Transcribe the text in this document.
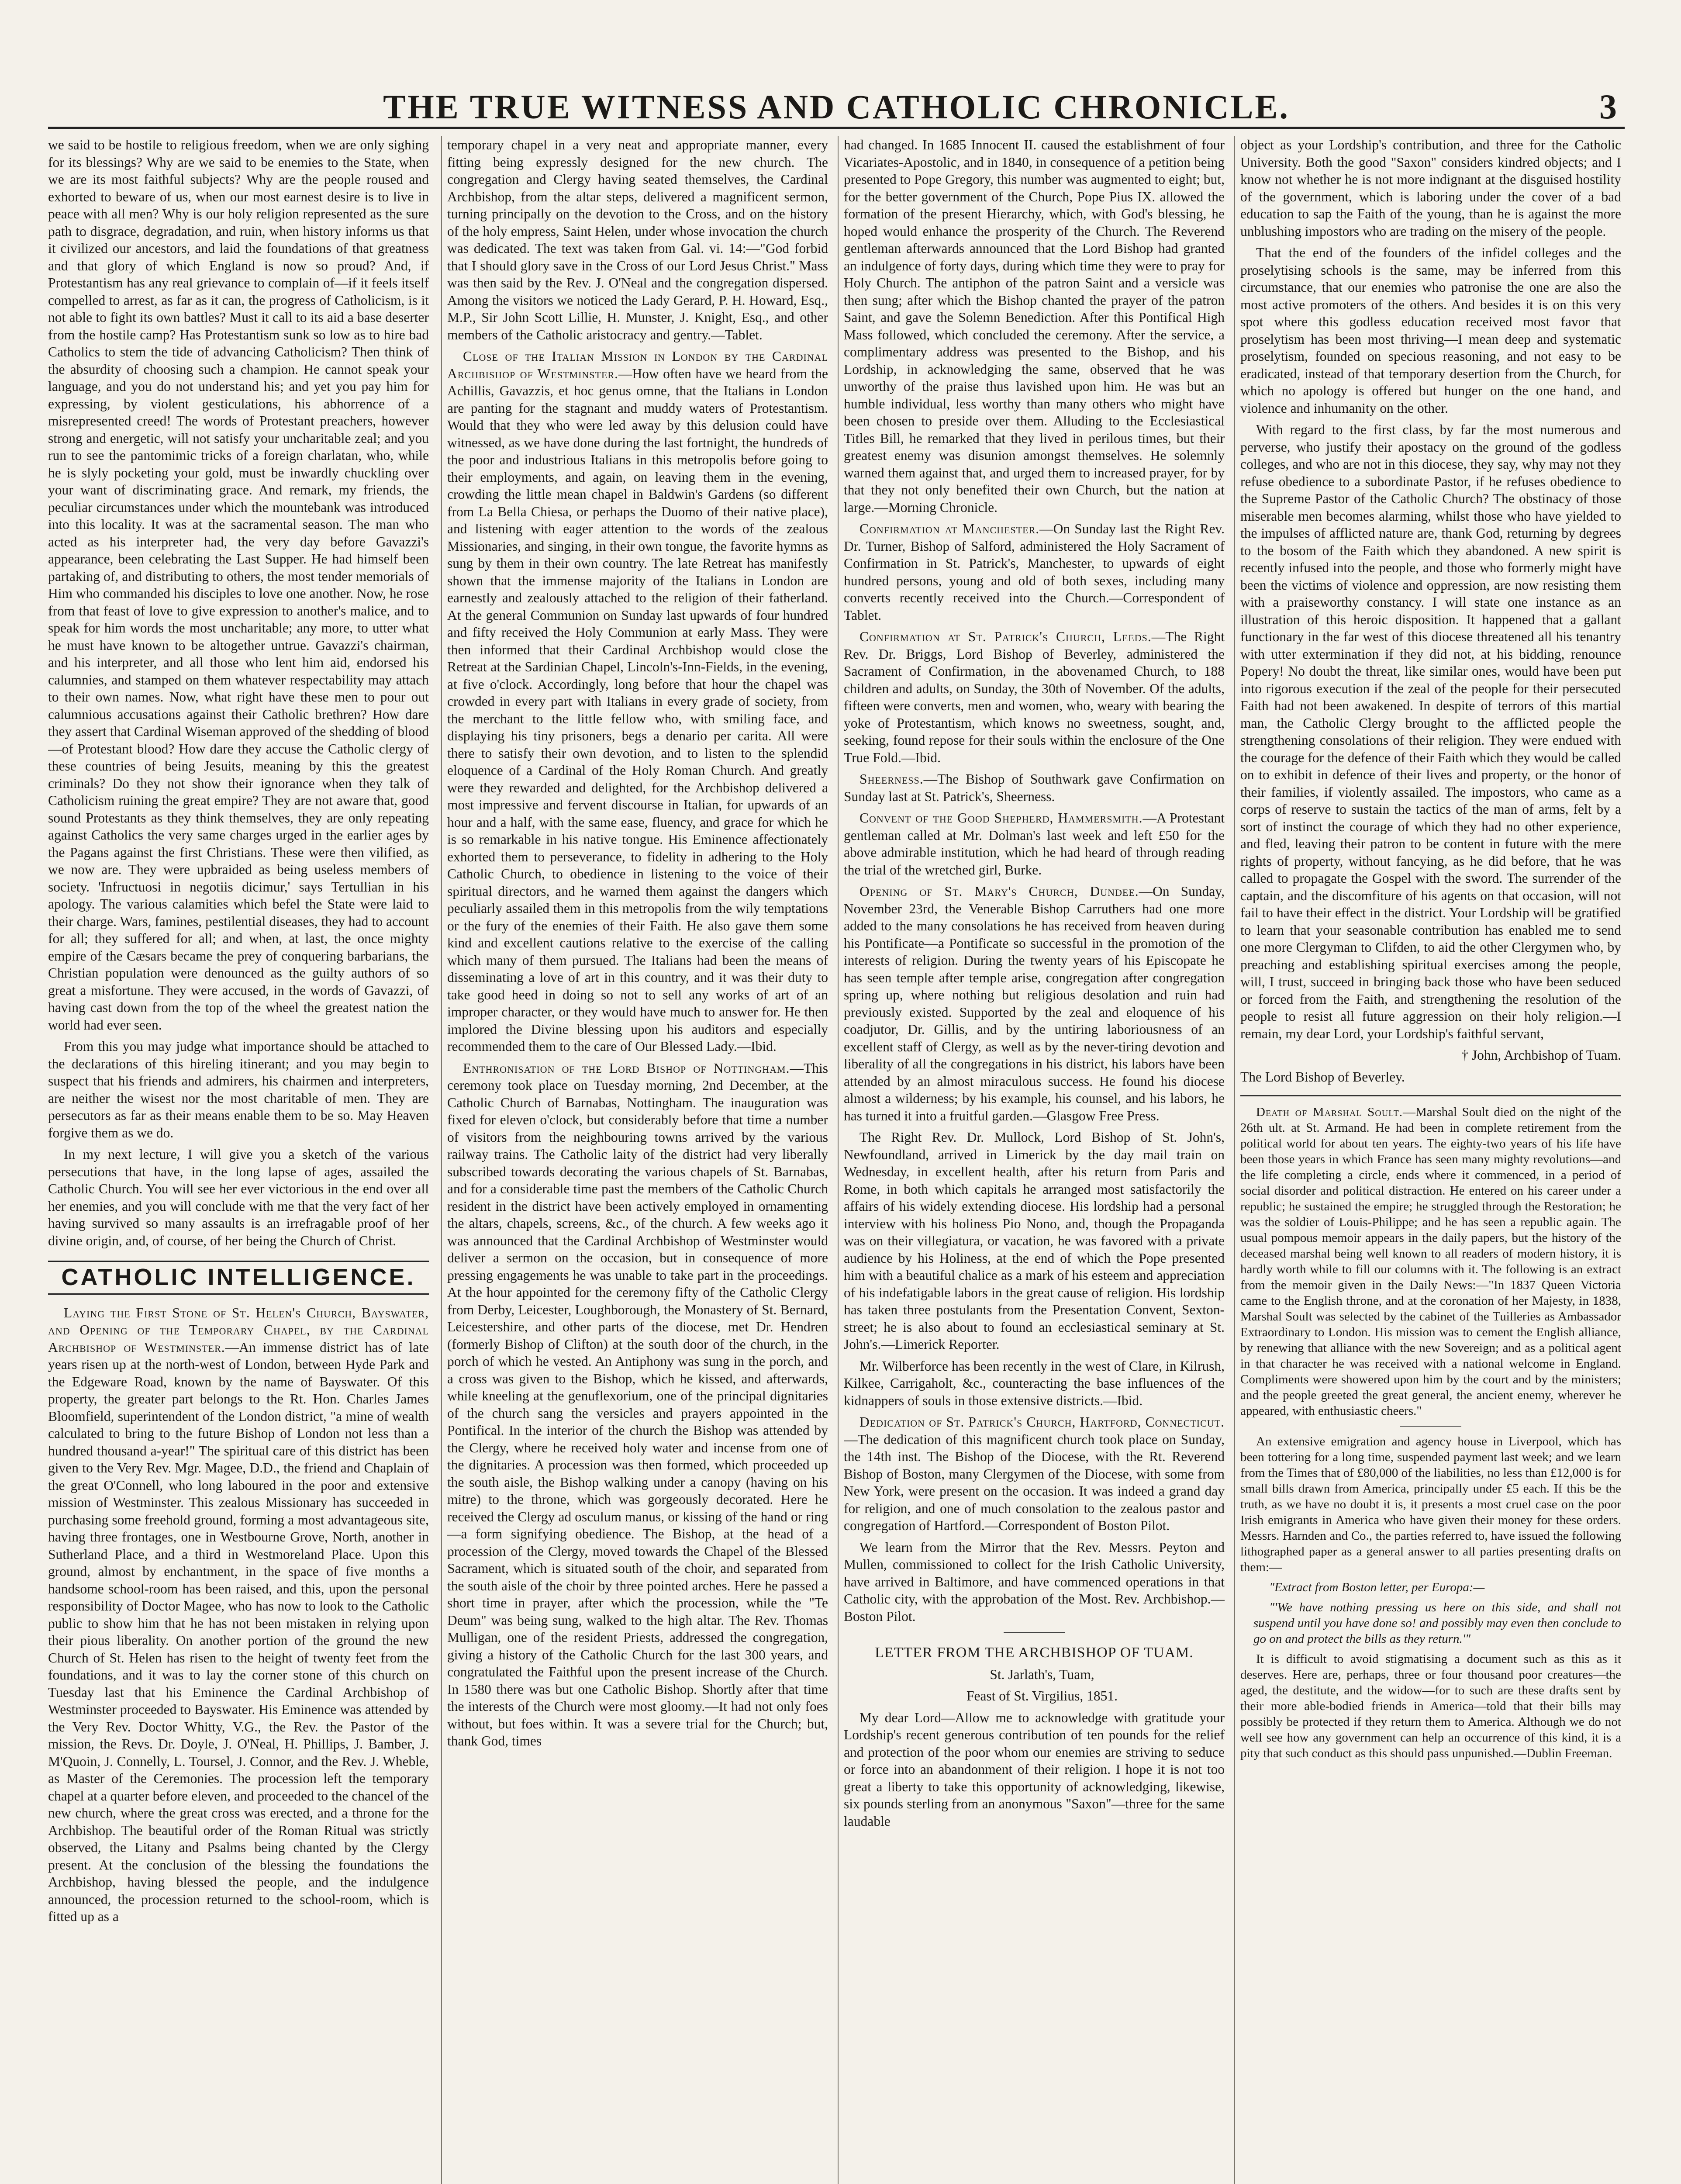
THE TRUE WITNESS AND CATHOLIC CHRONICLE.	3

we said to be hostile to religious freedom, when we are only sighing for its blessings? Why are we said to be enemies to the State, when we are its most faithful subjects? Why are the people roused and exhorted to beware of us, when our most earnest desire is to live in peace with all men? Why is our holy religion represented as the sure path to disgrace, degradation, and ruin, when history informs us that it civilized our ancestors, and laid the foundations of that greatness and that glory of which England is now so proud? And, if Protestantism has any real grievance to complain of—if it feels itself compelled to arrest, as far as it can, the progress of Catholicism, is it not able to fight its own battles? Must it call to its aid a base deserter from the hostile camp? Has Protestantism sunk so low as to hire bad Catholics to stem the tide of advancing Catholicism? Then think of the absurdity of choosing such a champion. He cannot speak your language, and you do not understand his; and yet you pay him for expressing, by violent gesticulations, his abhorrence of a misrepresented creed! The words of Protestant preachers, however strong and energetic, will not satisfy your uncharitable zeal; and you run to see the pantomimic tricks of a foreign charlatan, who, while he is slyly pocketing your gold, must be inwardly chuckling over your want of discriminating grace. And remark, my friends, the peculiar circumstances under which the mountebank was introduced into this locality. It was at the sacramental season. The man who acted as his interpreter had, the very day before Gavazzi's appearance, been celebrating the Last Supper. He had himself been partaking of, and distributing to others, the most tender memorials of Him who commanded his disciples to love one another. Now, he rose from that feast of love to give expression to another's malice, and to speak for him words the most uncharitable; any more, to utter what he must have known to be altogether untrue. Gavazzi's chairman, and his interpreter, and all those who lent him aid, endorsed his calumnies, and stamped on them whatever respectability may attach to their own names. Now, what right have these men to pour out calumnious accusations against their Catholic brethren? How dare they assert that Cardinal Wiseman approved of the shedding of blood—of Protestant blood? How dare they accuse the Catholic clergy of these countries of being Jesuits, meaning by this the greatest criminals? Do they not show their ignorance when they talk of Catholicism ruining the great empire? They are not aware that, good sound Protestants as they think themselves, they are only repeating against Catholics the very same charges urged in the earlier ages by the Pagans against the first Christians. These were then vilified, as we now are. They were upbraided as being useless members of society. 'Infructuosi in negotiis dicimur,' says Tertullian in his apology. The various calamities which befel the State were laid to their charge. Wars, famines, pestilential diseases, they had to account for all; they suffered for all; and when, at last, the once mighty empire of the Cæsars became the prey of conquering barbarians, the Christian population were denounced as the guilty authors of so great a misfortune. They were accused, in the words of Gavazzi, of having cast down from the top of the wheel the greatest nation the world had ever seen.

From this you may judge what importance should be attached to the declarations of this hireling itinerant; and you may begin to suspect that his friends and admirers, his chairmen and interpreters, are neither the wisest nor the most charitable of men. They are persecutors as far as their means enable them to be so. May Heaven forgive them as we do.

In my next lecture, I will give you a sketch of the various persecutions that have, in the long lapse of ages, assailed the Catholic Church. You will see her ever victorious in the end over all her enemies, and you will conclude with me that the very fact of her having survived so many assaults is an irrefragable proof of her divine origin, and, of course, of her being the Church of Christ.

CATHOLIC INTELLIGENCE.

Laying the First Stone of St. Helen's Church, Bayswater, and Opening of the Temporary Chapel, by the Cardinal Archbishop of Westminster.—An immense district has of late years risen up at the north-west of London, between Hyde Park and the Edgeware Road, known by the name of Bayswater. Of this property, the greater part belongs to the Rt. Hon. Charles James Bloomfield, superintendent of the London district, "a mine of wealth calculated to bring to the future Bishop of London not less than a hundred thousand a-year!" The spiritual care of this district has been given to the Very Rev. Mgr. Magee, D.D., the friend and Chaplain of the great O'Connell, who long laboured in the poor and extensive mission of Westminster. This zealous Missionary has succeeded in purchasing some freehold ground, forming a most advantageous site, having three frontages, one in Westbourne Grove, North, another in Sutherland Place, and a third in Westmoreland Place. Upon this ground, almost by enchantment, in the space of five months a handsome school-room has been raised, and this, upon the personal responsibility of Doctor Magee, who has now to look to the Catholic public to show him that he has not been mistaken in relying upon their pious liberality. On another portion of the ground the new Church of St. Helen has risen to the height of twenty feet from the foundations, and it was to lay the corner stone of this church on Tuesday last that his Eminence the Cardinal Archbishop of Westminster proceeded to Bayswater. His Eminence was attended by the Very Rev. Doctor Whitty, V.G., the Rev. the Pastor of the mission, the Revs. Dr. Doyle, J. O'Neal, H. Phillips, J. Bamber, J. M'Quoin, J. Connelly, L. Toursel, J. Connor, and the Rev. J. Wheble, as Master of the Ceremonies. The procession left the temporary chapel at a quarter before eleven, and proceeded to the chancel of the new church, where the great cross was erected, and a throne for the Archbishop. The beautiful order of the Roman Ritual was strictly observed, the Litany and Psalms being chanted by the Clergy present. At the conclusion of the blessing the foundations the Archbishop, having blessed the people, and the indulgence announced, the procession returned to the school-room, which is fitted up as a

temporary chapel in a very neat and appropriate manner, every fitting being expressly designed for the new church. The congregation and Clergy having seated themselves, the Cardinal Archbishop, from the altar steps, delivered a magnificent sermon, turning principally on the devotion to the Cross, and on the history of the holy empress, Saint Helen, under whose invocation the church was dedicated. The text was taken from Gal. vi. 14:—"God forbid that I should glory save in the Cross of our Lord Jesus Christ." Mass was then said by the Rev. J. O'Neal and the congregation dispersed. Among the visitors we noticed the Lady Gerard, P. H. Howard, Esq., M.P., Sir John Scott Lillie, H. Munster, J. Knight, Esq., and other members of the Catholic aristocracy and gentry.—Tablet.

Close of the Italian Mission in London by the Cardinal Archbishop of Westminster.—How often have we heard from the Achillis, Gavazzis, et hoc genus omne, that the Italians in London are panting for the stagnant and muddy waters of Protestantism. Would that they who were led away by this delusion could have witnessed, as we have done during the last fortnight, the hundreds of the poor and industrious Italians in this metropolis before going to their employments, and again, on leaving them in the evening, crowding the little mean chapel in Baldwin's Gardens (so different from La Bella Chiesa, or perhaps the Duomo of their native place), and listening with eager attention to the words of the zealous Missionaries, and singing, in their own tongue, the favorite hymns as sung by them in their own country. The late Retreat has manifestly shown that the immense majority of the Italians in London are earnestly and zealously attached to the religion of their fatherland. At the general Communion on Sunday last upwards of four hundred and fifty received the Holy Communion at early Mass. They were then informed that their Cardinal Archbishop would close the Retreat at the Sardinian Chapel, Lincoln's-Inn-Fields, in the evening, at five o'clock. Accordingly, long before that hour the chapel was crowded in every part with Italians in every grade of society, from the merchant to the little fellow who, with smiling face, and displaying his tiny prisoners, begs a denario per carita. All were there to satisfy their own devotion, and to listen to the splendid eloquence of a Cardinal of the Holy Roman Church. And greatly were they rewarded and delighted, for the Archbishop delivered a most impressive and fervent discourse in Italian, for upwards of an hour and a half, with the same ease, fluency, and grace for which he is so remarkable in his native tongue. His Eminence affectionately exhorted them to perseverance, to fidelity in adhering to the Holy Catholic Church, to obedience in listening to the voice of their spiritual directors, and he warned them against the dangers which peculiarly assailed them in this metropolis from the wily temptations or the fury of the enemies of their Faith. He also gave them some kind and excellent cautions relative to the exercise of the calling which many of them pursued. The Italians had been the means of disseminating a love of art in this country, and it was their duty to take good heed in doing so not to sell any works of art of an improper character, or they would have much to answer for. He then implored the Divine blessing upon his auditors and especially recommended them to the care of Our Blessed Lady.—Ibid.

Enthronisation of the Lord Bishop of Nottingham.—This ceremony took place on Tuesday morning, 2nd December, at the Catholic Church of Barnabas, Nottingham. The inauguration was fixed for eleven o'clock, but considerably before that time a number of visitors from the neighbouring towns arrived by the various railway trains. The Catholic laity of the district had very liberally subscribed towards decorating the various chapels of St. Barnabas, and for a considerable time past the members of the Catholic Church resident in the district have been actively employed in ornamenting the altars, chapels, screens, &c., of the church. A few weeks ago it was announced that the Cardinal Archbishop of Westminster would deliver a sermon on the occasion, but in consequence of more pressing engagements he was unable to take part in the proceedings. At the hour appointed for the ceremony fifty of the Catholic Clergy from Derby, Leicester, Loughborough, the Monastery of St. Bernard, Leicestershire, and other parts of the diocese, met Dr. Hendren (formerly Bishop of Clifton) at the south door of the church, in the porch of which he vested. An Antiphony was sung in the porch, and a cross was given to the Bishop, which he kissed, and afterwards, while kneeling at the genuflexorium, one of the principal dignitaries of the church sang the versicles and prayers appointed in the Pontifical. In the interior of the church the Bishop was attended by the Clergy, where he received holy water and incense from one of the dignitaries. A procession was then formed, which proceeded up the south aisle, the Bishop walking under a canopy (having on his mitre) to the throne, which was gorgeously decorated. Here he received the Clergy ad osculum manus, or kissing of the hand or ring—a form signifying obedience. The Bishop, at the head of a procession of the Clergy, moved towards the Chapel of the Blessed Sacrament, which is situated south of the choir, and separated from the south aisle of the choir by three pointed arches. Here he passed a short time in prayer, after which the procession, while the "Te Deum" was being sung, walked to the high altar. The Rev. Thomas Mulligan, one of the resident Priests, addressed the congregation, giving a history of the Catholic Church for the last 300 years, and congratulated the Faithful upon the present increase of the Church. In 1580 there was but one Catholic Bishop. Shortly after that time the interests of the Church were most gloomy.—It had not only foes without, but foes within. It was a severe trial for the Church; but, thank God, times

had changed. In 1685 Innocent II. caused the establishment of four Vicariates-Apostolic, and in 1840, in consequence of a petition being presented to Pope Gregory, this number was augmented to eight; but, for the better government of the Church, Pope Pius IX. allowed the formation of the present Hierarchy, which, with God's blessing, he hoped would enhance the prosperity of the Church. The Reverend gentleman afterwards announced that the Lord Bishop had granted an indulgence of forty days, during which time they were to pray for Holy Church. The antiphon of the patron Saint and a versicle was then sung; after which the Bishop chanted the prayer of the patron Saint, and gave the Solemn Benediction. After this Pontifical High Mass followed, which concluded the ceremony. After the service, a complimentary address was presented to the Bishop, and his Lordship, in acknowledging the same, observed that he was unworthy of the praise thus lavished upon him. He was but an humble individual, less worthy than many others who might have been chosen to preside over them. Alluding to the Ecclesiastical Titles Bill, he remarked that they lived in perilous times, but their greatest enemy was disunion amongst themselves. He solemnly warned them against that, and urged them to increased prayer, for by that they not only benefited their own Church, but the nation at large.—Morning Chronicle.

Confirmation at Manchester.—On Sunday last the Right Rev. Dr. Turner, Bishop of Salford, administered the Holy Sacrament of Confirmation in St. Patrick's, Manchester, to upwards of eight hundred persons, young and old of both sexes, including many converts recently received into the Church.—Correspondent of Tablet.

Confirmation at St. Patrick's Church, Leeds.—The Right Rev. Dr. Briggs, Lord Bishop of Beverley, administered the Sacrament of Confirmation, in the abovenamed Church, to 188 children and adults, on Sunday, the 30th of November. Of the adults, fifteen were converts, men and women, who, weary with bearing the yoke of Protestantism, which knows no sweetness, sought, and, seeking, found repose for their souls within the enclosure of the One True Fold.—Ibid.

Sheerness.—The Bishop of Southwark gave Confirmation on Sunday last at St. Patrick's, Sheerness.

Convent of the Good Shepherd, Hammersmith.—A Protestant gentleman called at Mr. Dolman's last week and left £50 for the above admirable institution, which he had heard of through reading the trial of the wretched girl, Burke.

Opening of St. Mary's Church, Dundee.—On Sunday, November 23rd, the Venerable Bishop Carruthers had one more added to the many consolations he has received from heaven during his Pontificate—a Pontificate so successful in the promotion of the interests of religion. During the twenty years of his Episcopate he has seen temple after temple arise, congregation after congregation spring up, where nothing but religious desolation and ruin had previously existed. Supported by the zeal and eloquence of his coadjutor, Dr. Gillis, and by the untiring laboriousness of an excellent staff of Clergy, as well as by the never-tiring devotion and liberality of all the congregations in his district, his labors have been attended by an almost miraculous success. He found his diocese almost a wilderness; by his example, his counsel, and his labors, he has turned it into a fruitful garden.—Glasgow Free Press.

The Right Rev. Dr. Mullock, Lord Bishop of St. John's, Newfoundland, arrived in Limerick by the day mail train on Wednesday, in excellent health, after his return from Paris and Rome, in both which capitals he arranged most satisfactorily the affairs of his widely extending diocese. His lordship had a personal interview with his holiness Pio Nono, and, though the Propaganda was on their villegiatura, or vacation, he was favored with a private audience by his Holiness, at the end of which the Pope presented him with a beautiful chalice as a mark of his esteem and appreciation of his indefatigable labors in the great cause of religion. His lordship has taken three postulants from the Presentation Convent, Sexton-street; he is also about to found an ecclesiastical seminary at St. John's.—Limerick Reporter.

Mr. Wilberforce has been recently in the west of Clare, in Kilrush, Kilkee, Carrigaholt, &c., counteracting the base influences of the kidnappers of souls in those extensive districts.—Ibid.

Dedication of St. Patrick's Church, Hartford, Connecticut.—The dedication of this magnificent church took place on Sunday, the 14th inst. The Bishop of the Diocese, with the Rt. Reverend Bishop of Boston, many Clergymen of the Diocese, with some from New York, were present on the occasion. It was indeed a grand day for religion, and one of much consolation to the zealous pastor and congregation of Hartford.—Correspondent of Boston Pilot.

We learn from the Mirror that the Rev. Messrs. Peyton and Mullen, commissioned to collect for the Irish Catholic University, have arrived in Baltimore, and have commenced operations in that Catholic city, with the approbation of the Most. Rev. Archbishop.—Boston Pilot.

LETTER FROM THE ARCHBISHOP OF TUAM.

St. Jarlath's, Tuam,

Feast of St. Virgilius, 1851.

My dear Lord—Allow me to acknowledge with gratitude your Lordship's recent generous contribution of ten pounds for the relief and protection of the poor whom our enemies are striving to seduce or force into an abandonment of their religion. I hope it is not too great a liberty to take this opportunity of acknowledging, likewise, six pounds sterling from an anonymous "Saxon"—three for the same laudable

object as your Lordship's contribution, and three for the Catholic University. Both the good "Saxon" considers kindred objects; and I know not whether he is not more indignant at the disguised hostility of the government, which is laboring under the cover of a bad education to sap the Faith of the young, than he is against the more unblushing impostors who are trading on the misery of the people.

That the end of the founders of the infidel colleges and the proselytising schools is the same, may be inferred from this circumstance, that our enemies who patronise the one are also the most active promoters of the others. And besides it is on this very spot where this godless education received most favor that proselytism has been most thriving—I mean deep and systematic proselytism, founded on specious reasoning, and not easy to be eradicated, instead of that temporary desertion from the Church, for which no apology is offered but hunger on the one hand, and violence and inhumanity on the other.

With regard to the first class, by far the most numerous and perverse, who justify their apostacy on the ground of the godless colleges, and who are not in this diocese, they say, why may not they refuse obedience to a subordinate Pastor, if he refuses obedience to the Supreme Pastor of the Catholic Church? The obstinacy of those miserable men becomes alarming, whilst those who have yielded to the impulses of afflicted nature are, thank God, returning by degrees to the bosom of the Faith which they abandoned. A new spirit is recently infused into the people, and those who formerly might have been the victims of violence and oppression, are now resisting them with a praiseworthy constancy. I will state one instance as an illustration of this heroic disposition. It happened that a gallant functionary in the far west of this diocese threatened all his tenantry with utter extermination if they did not, at his bidding, renounce Popery! No doubt the threat, like similar ones, would have been put into rigorous execution if the zeal of the people for their persecuted Faith had not been awakened. In despite of terrors of this martial man, the Catholic Clergy brought to the afflicted people the strengthening consolations of their religion. They were endued with the courage for the defence of their Faith which they would be called on to exhibit in defence of their lives and property, or the honor of their families, if violently assailed. The impostors, who came as a corps of reserve to sustain the tactics of the man of arms, felt by a sort of instinct the courage of which they had no other experience, and fled, leaving their patron to be content in future with the mere rights of property, without fancying, as he did before, that he was called to propagate the Gospel with the sword. The surrender of the captain, and the discomfiture of his agents on that occasion, will not fail to have their effect in the district. Your Lordship will be gratified to learn that your seasonable contribution has enabled me to send one more Clergyman to Clifden, to aid the other Clergymen who, by preaching and establishing spiritual exercises among the people, will, I trust, succeed in bringing back those who have been seduced or forced from the Faith, and strengthening the resolution of the people to resist all future aggression on their holy religion.—I remain, my dear Lord, your Lordship's faithful servant,

† John, Archbishop of Tuam.

The Lord Bishop of Beverley.

Death of Marshal Soult.—Marshal Soult died on the night of the 26th ult. at St. Armand. He had been in complete retirement from the political world for about ten years. The eighty-two years of his life have been those years in which France has seen many mighty revolutions—and the life completing a circle, ends where it commenced, in a period of social disorder and political distraction. He entered on his career under a republic; he sustained the empire; he struggled through the Restoration; he was the soldier of Louis-Philippe; and he has seen a republic again. The usual pompous memoir appears in the daily papers, but the history of the deceased marshal being well known to all readers of modern history, it is hardly worth while to fill our columns with it. The following is an extract from the memoir given in the Daily News:—"In 1837 Queen Victoria came to the English throne, and at the coronation of her Majesty, in 1838, Marshal Soult was selected by the cabinet of the Tuilleries as Ambassador Extraordinary to London. His mission was to cement the English alliance, by renewing that alliance with the new Sovereign; and as a political agent in that character he was received with a national welcome in England. Compliments were showered upon him by the court and by the ministers; and the people greeted the great general, the ancient enemy, wherever he appeared, with enthusiastic cheers."

An extensive emigration and agency house in Liverpool, which has been tottering for a long time, suspended payment last week; and we learn from the Times that of £80,000 of the liabilities, no less than £12,000 is for small bills drawn from America, principally under £5 each. If this be the truth, as we have no doubt it is, it presents a most cruel case on the poor Irish emigrants in America who have given their money for these orders. Messrs. Harnden and Co., the parties referred to, have issued the following lithographed paper as a general answer to all parties presenting drafts on them:—

"Extract from Boston letter, per Europa:—

"'We have nothing pressing us here on this side, and shall not suspend until you have done so! and possibly may even then conclude to go on and protect the bills as they return.'"

It is difficult to avoid stigmatising a document such as this as it deserves. Here are, perhaps, three or four thousand poor creatures—the aged, the destitute, and the widow—for to such are these drafts sent by their more able-bodied friends in America—told that their bills may possibly be protected if they return them to America. Although we do not well see how any government can help an occurrence of this kind, it is a pity that such conduct as this should pass unpunished.—Dublin Freeman.
